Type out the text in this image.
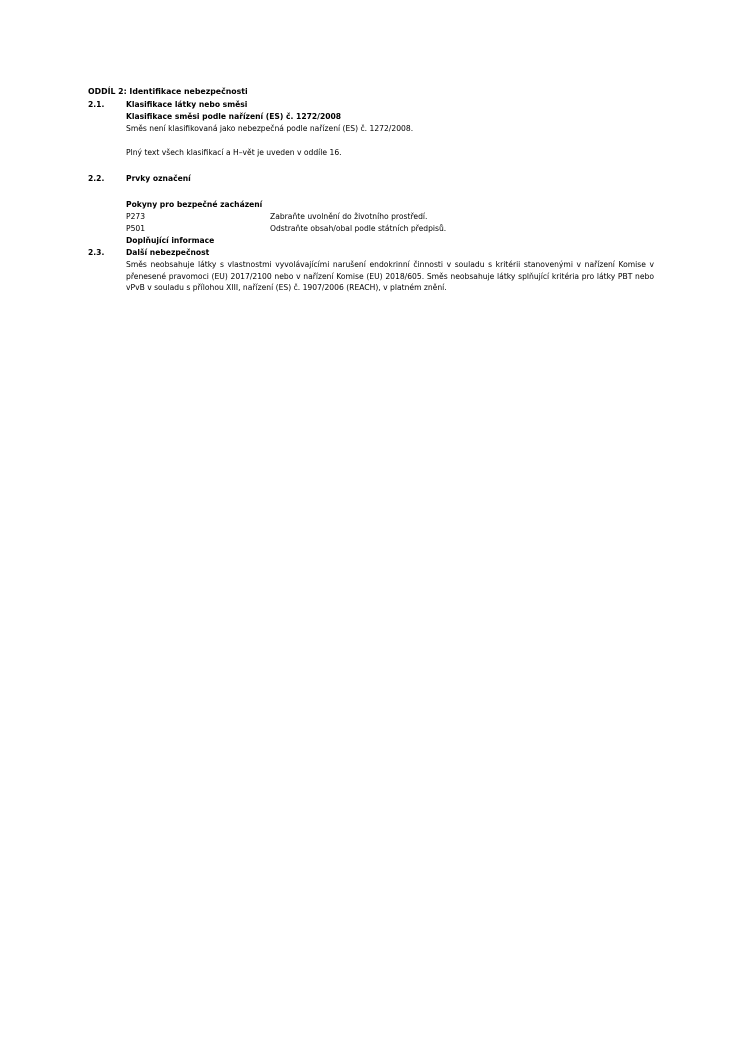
ODDÍL 2: Identifikace nebezpečnosti
2.1.	Klasifikace látky nebo směsi
Klasifikace směsi podle nařízení (ES) č. 1272/2008
Směs není klasifikovaná jako nebezpečná podle nařízení (ES) č. 1272/2008.
Plný text všech klasifikací a H–vět je uveden v oddíle 16.
2.2.	Prvky označení
Pokyny pro bezpečné zacházení
P273	Zabraňte uvolnění do životního prostředí.
P501	Odstraňte obsah/obal podle státních předpisů.
Doplňující informace
2.3.	Další nebezpečnost
Směs neobsahuje látky s vlastnostmi vyvolávajícími narušení endokrinní činnosti v souladu s kritérii stanovenými v nařízení Komise v přenesené pravomoci (EU) 2017/2100 nebo v nařízení Komise (EU) 2018/605. Směs neobsahuje látky splňující kritéria pro látky PBT nebo vPvB v souladu s přílohou XIII, nařízení (ES) č. 1907/2006 (REACH), v platném znění.
